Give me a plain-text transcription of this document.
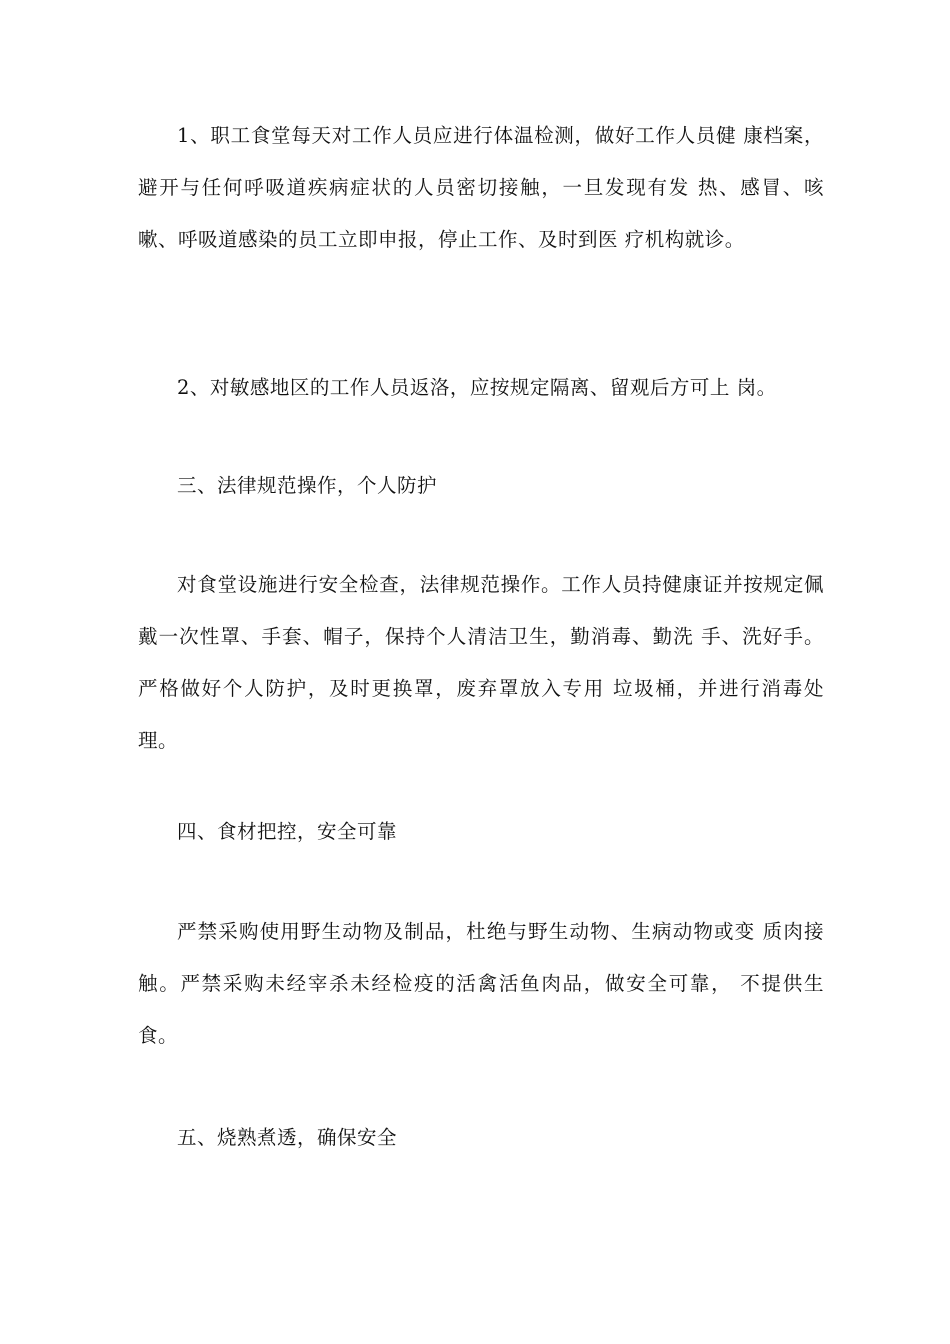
1、职工食堂每天对工作人员应进行体温检测，做好工作人员健 康档案，避开与任何呼吸道疾病症状的人员密切接触，一旦发现有发 热、感冒、咳嗽、呼吸道感染的员工立即申报，停止工作、及时到医 疗机构就诊。

2、对敏感地区的工作人员返洛，应按规定隔离、留观后方可上 岗。

三、法律规范操作，个人防护

对食堂设施进行安全检查，法律规范操作。工作人员持健康证并按规定佩戴一次性罩、手套、帽子，保持个人清洁卫生，勤消毒、勤洗 手、洗好手。严格做好个人防护，及时更换罩，废弃罩放入专用 垃圾桶，并进行消毒处理。

四、食材把控，安全可靠

严禁采购使用野生动物及制品，杜绝与野生动物、生病动物或变 质肉接触。严禁采购未经宰杀未经检疫的活禽活鱼肉品，做安全可靠， 不提供生食。

五、烧熟煮透，确保安全
